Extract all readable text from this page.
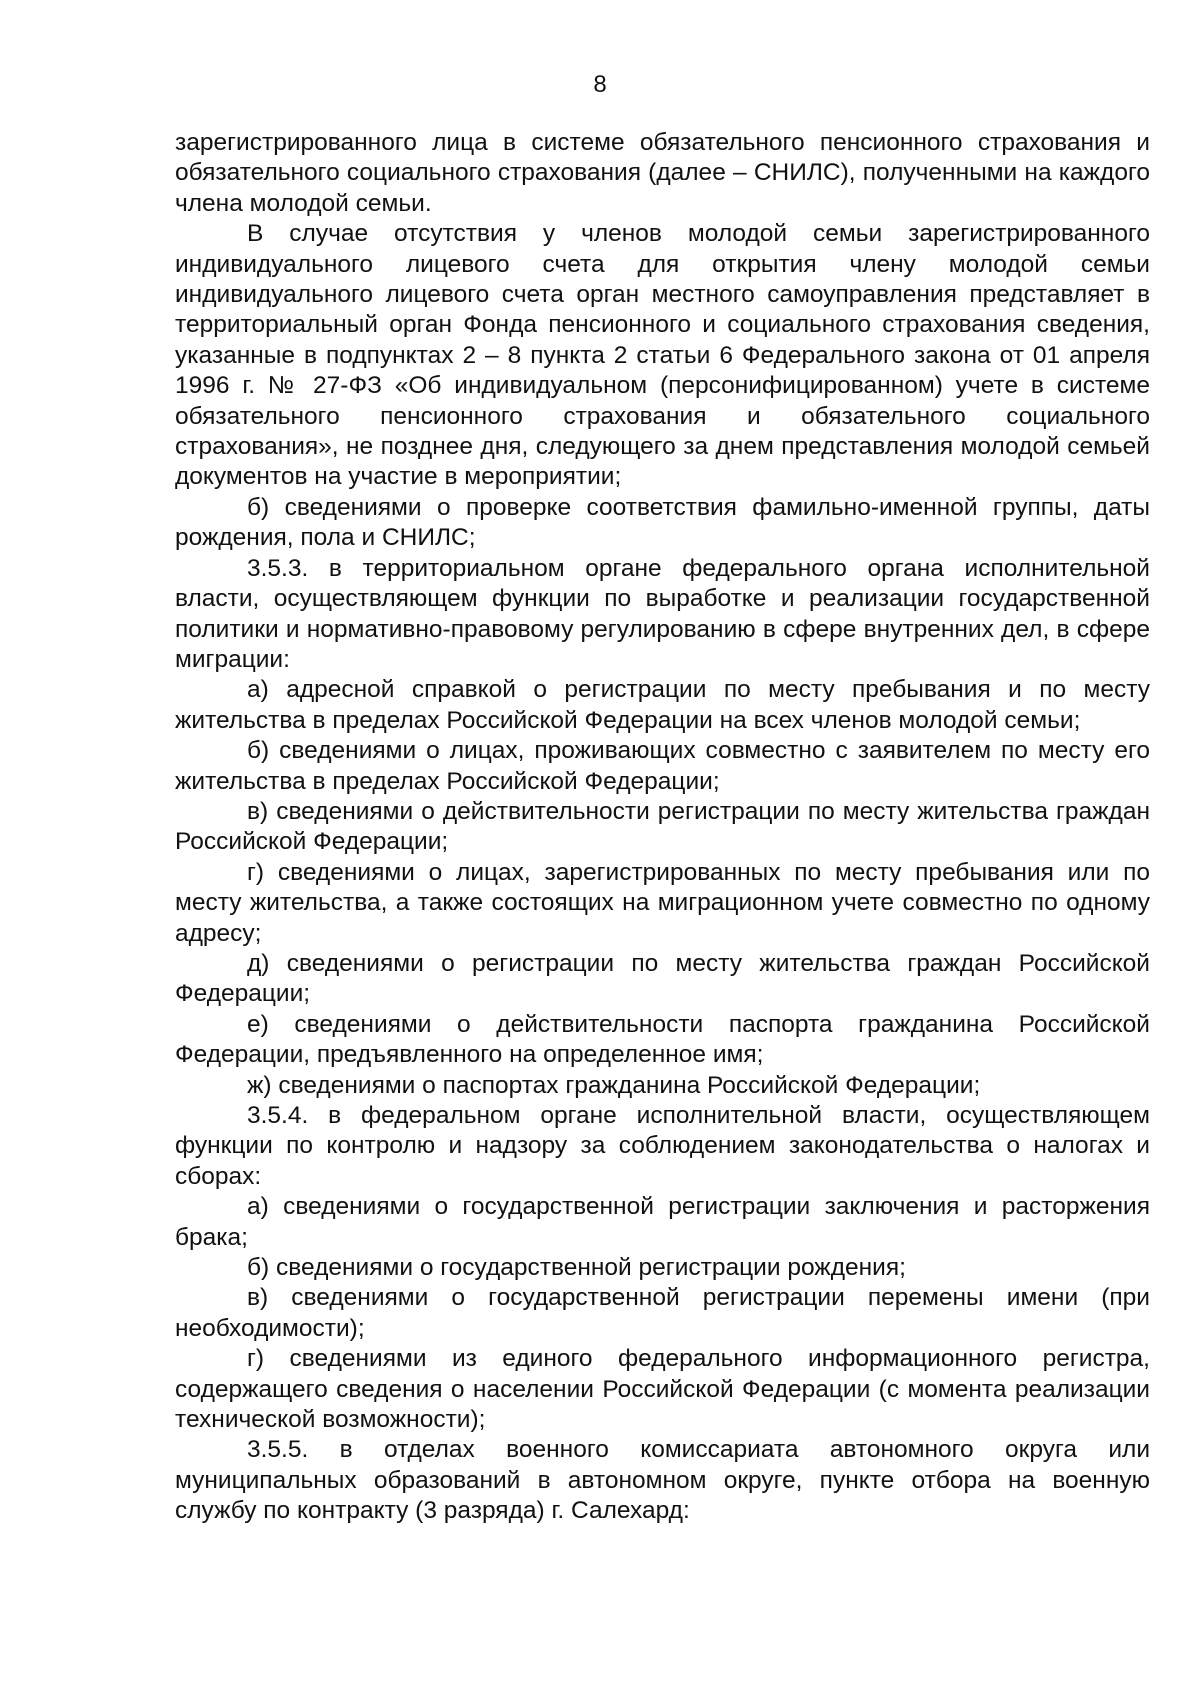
8

зарегистрированного лица в системе обязательного пенсионного страхования и обязательного социального страхования (далее – СНИЛС), полученными на каждого члена молодой семьи.

В случае отсутствия у членов молодой семьи зарегистрированного индивидуального лицевого счета для открытия члену молодой семьи индивидуального лицевого счета орган местного самоуправления представляет в территориальный орган Фонда пенсионного и социального страхования сведения, указанные в подпунктах 2 – 8 пункта 2 статьи 6 Федерального закона от 01 апреля 1996 г. № 27-ФЗ «Об индивидуальном (персонифицированном) учете в системе обязательного пенсионного страхования и обязательного социального страхования», не позднее дня, следующего за днем представления молодой семьей документов на участие в мероприятии;

б) сведениями о проверке соответствия фамильно-именной группы, даты рождения, пола и СНИЛС;

3.5.3. в территориальном органе федерального органа исполнительной власти, осуществляющем функции по выработке и реализации государственной политики и нормативно-правовому регулированию в сфере внутренних дел, в сфере миграции:

а) адресной справкой о регистрации по месту пребывания и по месту жительства в пределах Российской Федерации на всех членов молодой семьи;

б) сведениями о лицах, проживающих совместно с заявителем по месту его жительства в пределах Российской Федерации;

в) сведениями о действительности регистрации по месту жительства граждан Российской Федерации;

г) сведениями о лицах, зарегистрированных по месту пребывания или по месту жительства, а также состоящих на миграционном учете совместно по одному адресу;

д) сведениями о регистрации по месту жительства граждан Российской Федерации;

е) сведениями о действительности паспорта гражданина Российской Федерации, предъявленного на определенное имя;

ж) сведениями о паспортах гражданина Российской Федерации;

3.5.4. в федеральном органе исполнительной власти, осуществляющем функции по контролю и надзору за соблюдением законодательства о налогах и сборах:

а) сведениями о государственной регистрации заключения и расторжения брака;

б) сведениями о государственной регистрации рождения;

в) сведениями о государственной регистрации перемены имени (при необходимости);

г) сведениями из единого федерального информационного регистра, содержащего сведения о населении Российской Федерации (с момента реализации технической возможности);

3.5.5. в отделах военного комиссариата автономного округа или муниципальных образований в автономном округе, пункте отбора на военную службу по контракту (3 разряда) г. Салехард:
